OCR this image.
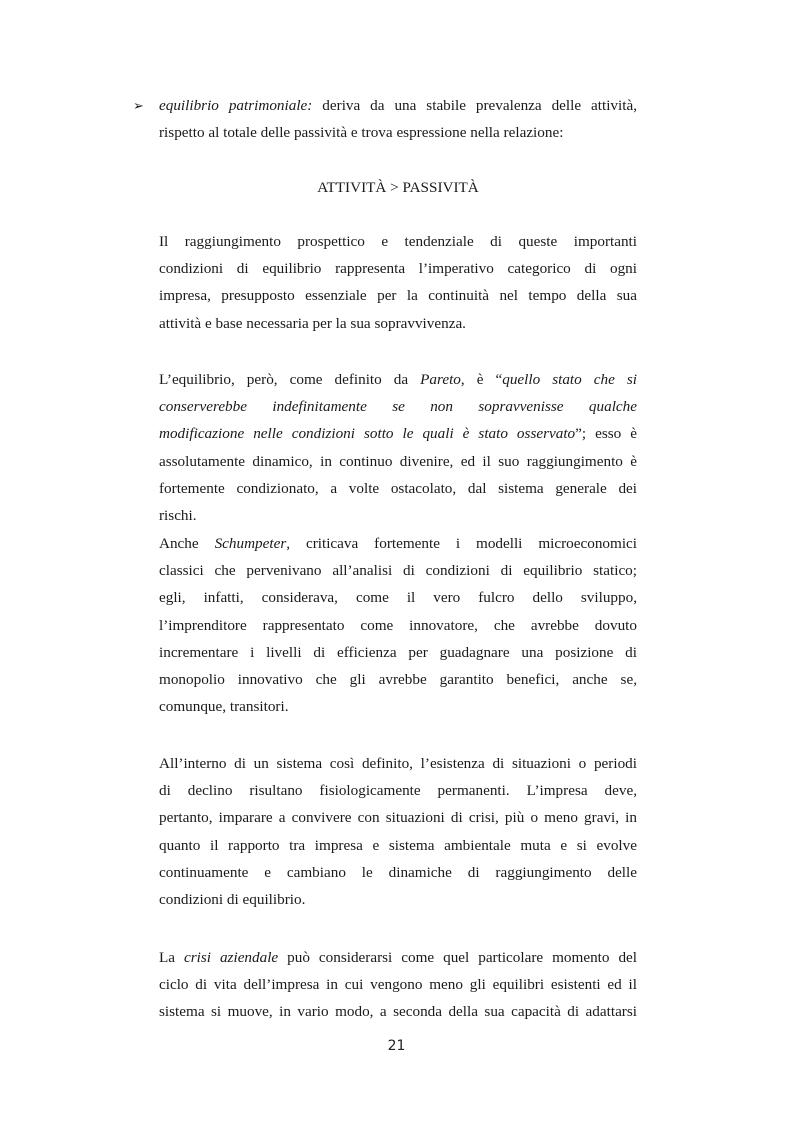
➢ equilibrio patrimoniale: deriva da una stabile prevalenza delle attività,
rispetto al totale delle passività e trova espressione nella relazione:
ATTIVITÀ > PASSIVITÀ
Il raggiungimento prospettico e tendenziale di queste importanti
condizioni di equilibrio rappresenta l’imperativo categorico di ogni
impresa, presupposto essenziale per la continuità nel tempo della sua
attività e base necessaria per la sua sopravvivenza.
L’equilibrio, però, come definito da Pareto, è “quello stato che si
conserverebbe indefinitamente se non sopravvenisse qualche
modificazione nelle condizioni sotto le quali è stato osservato”; esso è
assolutamente dinamico, in continuo divenire, ed il suo raggiungimento è
fortemente condizionato, a volte ostacolato, dal sistema generale dei
rischi.
Anche Schumpeter, criticava fortemente i modelli microeconomici
classici che pervenivano all’analisi di condizioni di equilibrio statico;
egli, infatti, considerava, come il vero fulcro dello sviluppo,
l’imprenditore rappresentato come innovatore, che avrebbe dovuto
incrementare i livelli di efficienza per guadagnare una posizione di
monopolio innovativo che gli avrebbe garantito benefici, anche se,
comunque, transitori.
All’interno di un sistema così definito, l’esistenza di situazioni o periodi
di declino risultano fisiologicamente permanenti. L’impresa deve,
pertanto, imparare a convivere con situazioni di crisi, più o meno gravi, in
quanto il rapporto tra impresa e sistema ambientale muta e si evolve
continuamente e cambiano le dinamiche di raggiungimento delle
condizioni di equilibrio.
La crisi aziendale può considerarsi come quel particolare momento del
ciclo di vita dell’impresa in cui vengono meno gli equilibri esistenti ed il
sistema si muove, in vario modo, a seconda della sua capacità di adattarsi
21
